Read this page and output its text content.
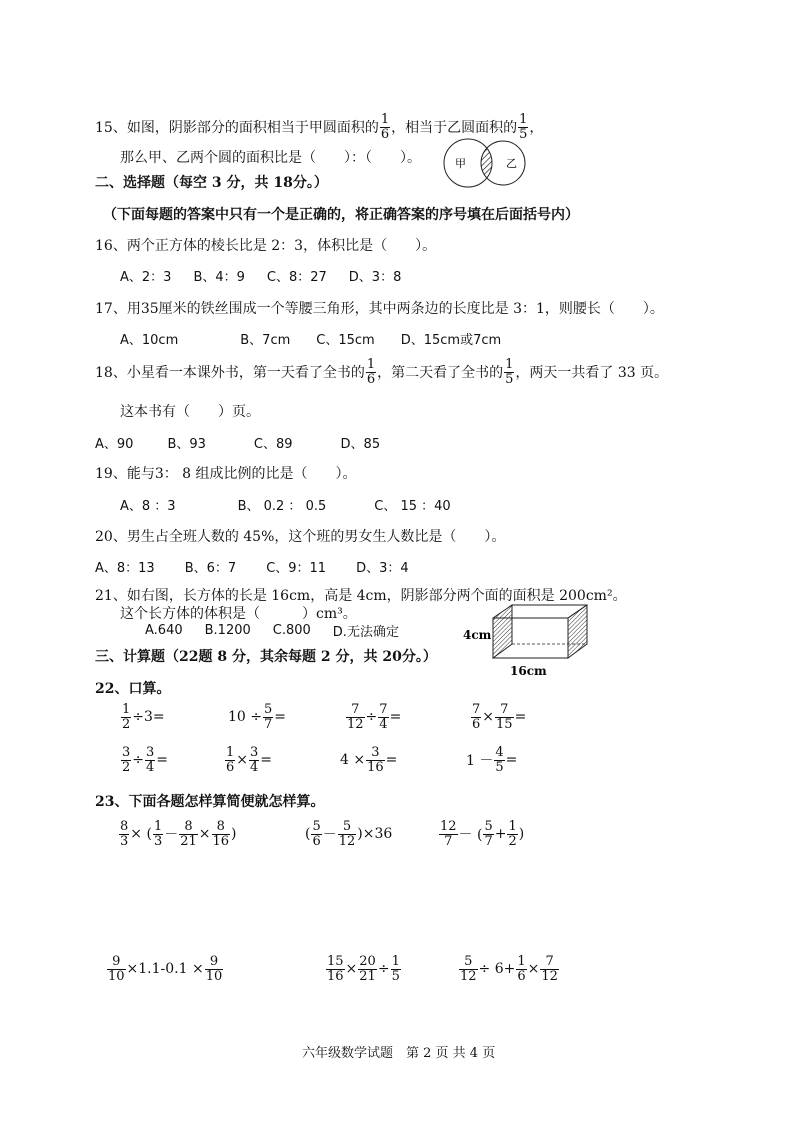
15、如图，阴影部分的面积相当于甲圆面积的 $\frac{1}{6}$ ，相当于乙圆面积的 $\frac{1}{5}$ ，
那么甲、乙两个圆的面积比是（　　）：（　　）。	甲	乙
二、选择题（每空 3 分，共 18分。）
（下面每题的答案中只有一个是正确的，将正确答案的序号填在后面括号内）
16、两个正方体的棱长比是 2：3，体积比是（　　）。
A、2：3 B、4：9 C、8：27 D、3：8
17、用35厘米的铁丝围成一个等腰三角形，其中两条边的长度比是 3：1，则腰长（　　）。
A、10cm	B、7cm C、15cm D、15cm或7cm
18、小星看一本课外书，第一天看了全书的 $\frac{1}{6}$ ，第二天看了全书的 $\frac{1}{5}$ ，两天一共看了 33 页。
这本书有（　　）页。
A、90	B、93	C、89	D、85
19、能与3： 8 组成比例的比是（　　）。
A、8 ：3	B、 0.2 ： 0.5	C、 15 ：40
20、男生占全班人数的 45%，这个班的男女生人数比是（　　）。
A、8：13 B、6：7 C、9：11 D、3：4
21、如右图，长方体的长是 16cm，高是 4cm，阴影部分两个面的面积是 200cm²。
这个长方体的体积是（　　　）cm³。
A.640 B.1200 C.800 D.无法确定	4cm
16cm
三、计算题（22题 8 分，其余每题 2 分，共 20分。）
22、口算。
$\frac{1}{2} \div 3=$	$10 \div \frac{5}{7}$ =	$\frac{7}{12} \div \frac{7}{4}$ =	$\frac{7}{6} \times \frac{7}{15}$ =
$\frac{3}{2} \div \frac{3}{4}$ =	$\frac{1}{6} \times \frac{3}{4}$ =	$4 \times \frac{3}{16}$ =	$1 - \frac{4}{5}$ =
23、下面各题怎样算简便就怎样算。
$\frac{8}{3}$ × ( $\frac{1}{3} - \frac{8}{21} \times \frac{8}{16}$ )	( $\frac{5}{6} - \frac{5}{12} )\times 36$	$\frac{12}{7}$ － ( $\frac{5}{7} + \frac{1}{2}$ )
$\frac{9}{10} \times 1.1-0.1 \times \frac{9}{10}$	$\frac{15}{16} \times \frac{20}{21} \div \frac{1}{5}$	$\frac{5}{12} \div 6+ \frac{1}{6} \times \frac{7}{12}$
六年级数学试题　第 2 页 共 4 页
